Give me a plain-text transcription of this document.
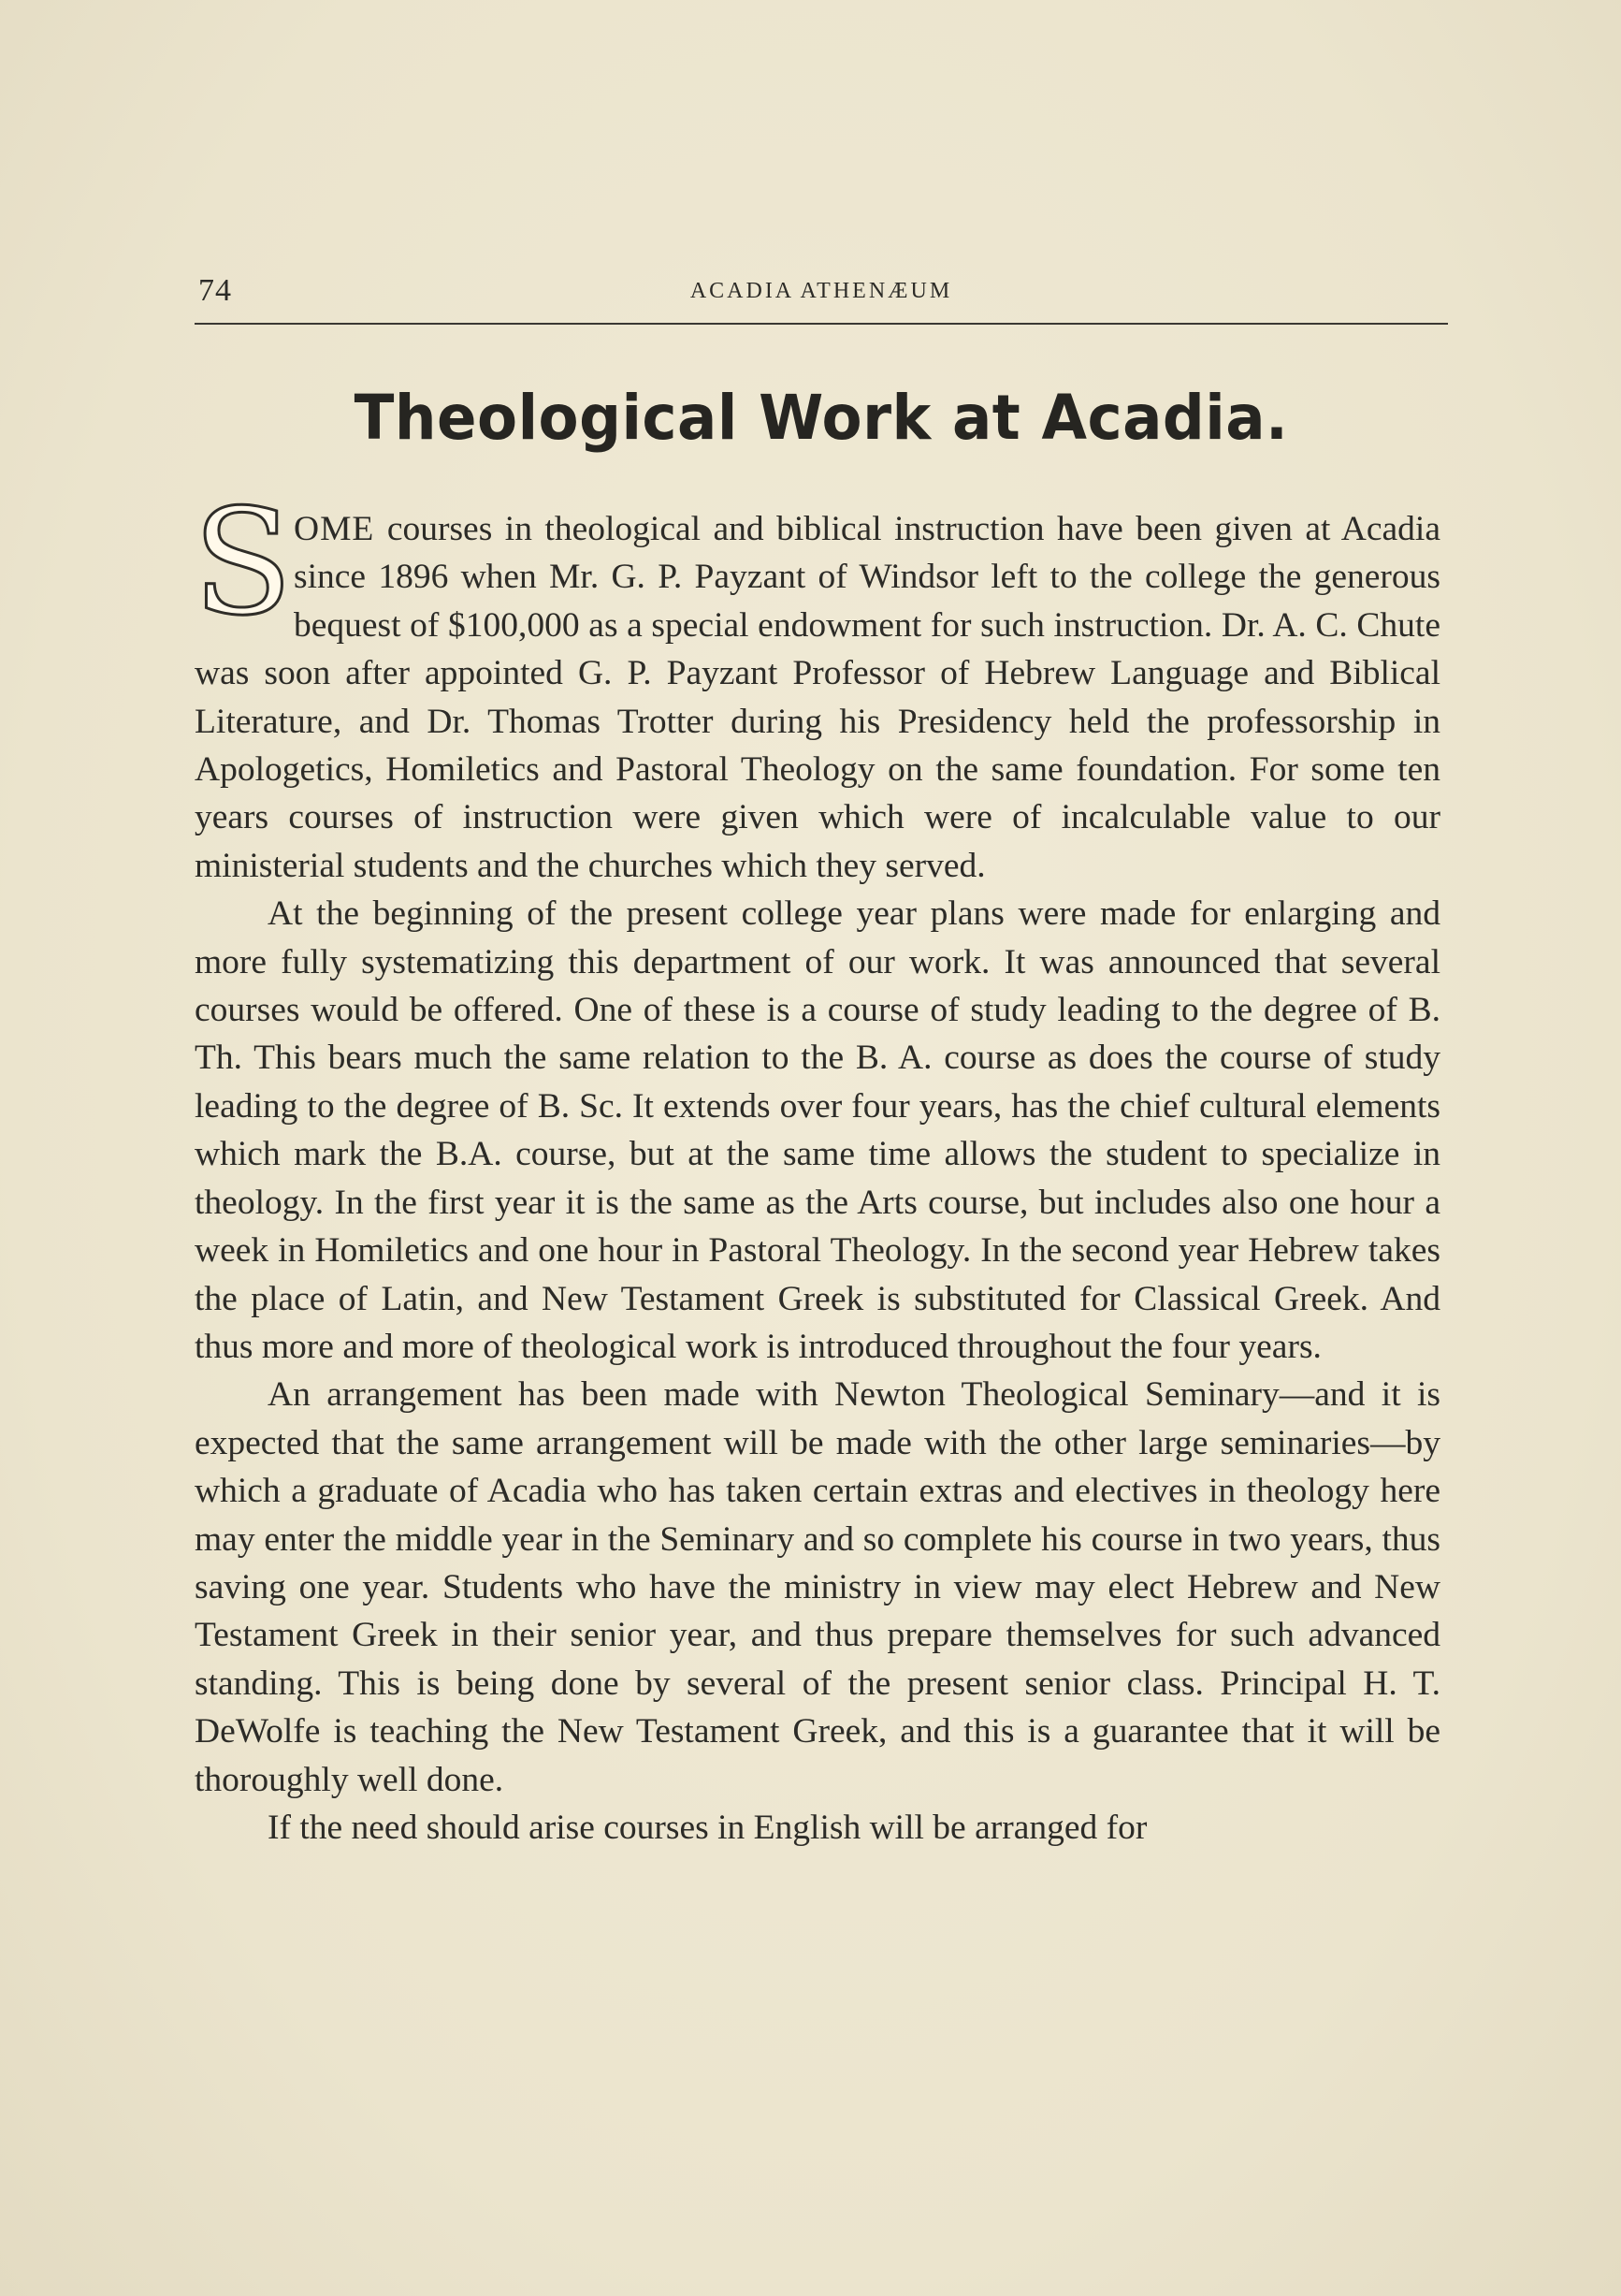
74	ACADIA ATHENÆUM
Theological Work at Acadia.

SOME courses in theological and biblical instruction have been given at Acadia since 1896 when Mr. G. P. Payzant of Windsor left to the college the generous bequest of $100,000 as a special endowment for such instruction. Dr. A. C. Chute was soon after appointed G. P. Payzant Professor of Hebrew Language and Biblical Literature, and Dr. Thomas Trotter during his Presidency held the professorship in Apologetics, Homiletics and Pastoral Theology on the same foundation. For some ten years courses of instruction were given which were of incalculable value to our ministerial students and the churches which they served.

At the beginning of the present college year plans were made for enlarging and more fully systematizing this department of our work. It was announced that several courses would be offered. One of these is a course of study leading to the degree of B. Th. This bears much the same relation to the B. A. course as does the course of study leading to the degree of B. Sc. It extends over four years, has the chief cultural elements which mark the B.A. course, but at the same time allows the student to specialize in theology. In the first year it is the same as the Arts course, but includes also one hour a week in Homiletics and one hour in Pastoral Theology. In the second year Hebrew takes the place of Latin, and New Testament Greek is substituted for Classical Greek. And thus more and more of theological work is introduced throughout the four years.

An arrangement has been made with Newton Theological Seminary—and it is expected that the same arrangement will be made with the other large seminaries—by which a graduate of Acadia who has taken certain extras and electives in theology here may enter the middle year in the Seminary and so complete his course in two years, thus saving one year. Students who have the ministry in view may elect Hebrew and New Testament Greek in their senior year, and thus prepare themselves for such advanced standing. This is being done by several of the present senior class. Principal H. T. DeWolfe is teaching the New Testament Greek, and this is a guarantee that it will be thoroughly well done.

If the need should arise courses in English will be arranged for
